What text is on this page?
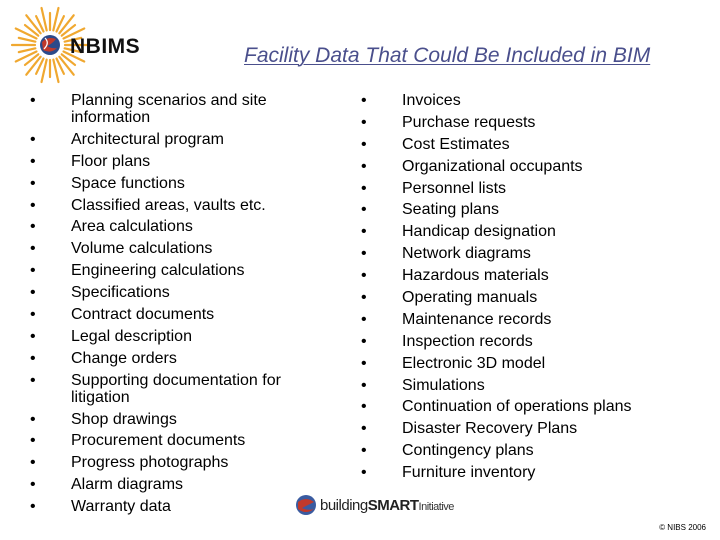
NBIMS	Facility Data That Could Be Included in BIM
• Planning scenarios and site information
• Architectural program
• Floor plans
• Space functions
• Classified areas, vaults etc.
• Area calculations
• Volume calculations
• Engineering calculations
• Specifications
• Contract documents
• Legal description
• Change orders
• Supporting documentation for litigation
• Shop drawings
• Procurement documents
• Progress photographs
• Alarm diagrams
• Warranty data
• Invoices
• Purchase requests
• Cost Estimates
• Organizational occupants
• Personnel lists
• Seating plans
• Handicap designation
• Network diagrams
• Hazardous materials
• Operating manuals
• Maintenance records
• Inspection records
• Electronic 3D model
• Simulations
• Continuation of operations plans
• Disaster Recovery Plans
• Contingency plans
• Furniture inventory
buildingSMARTInitiative
© NIBS 2006
